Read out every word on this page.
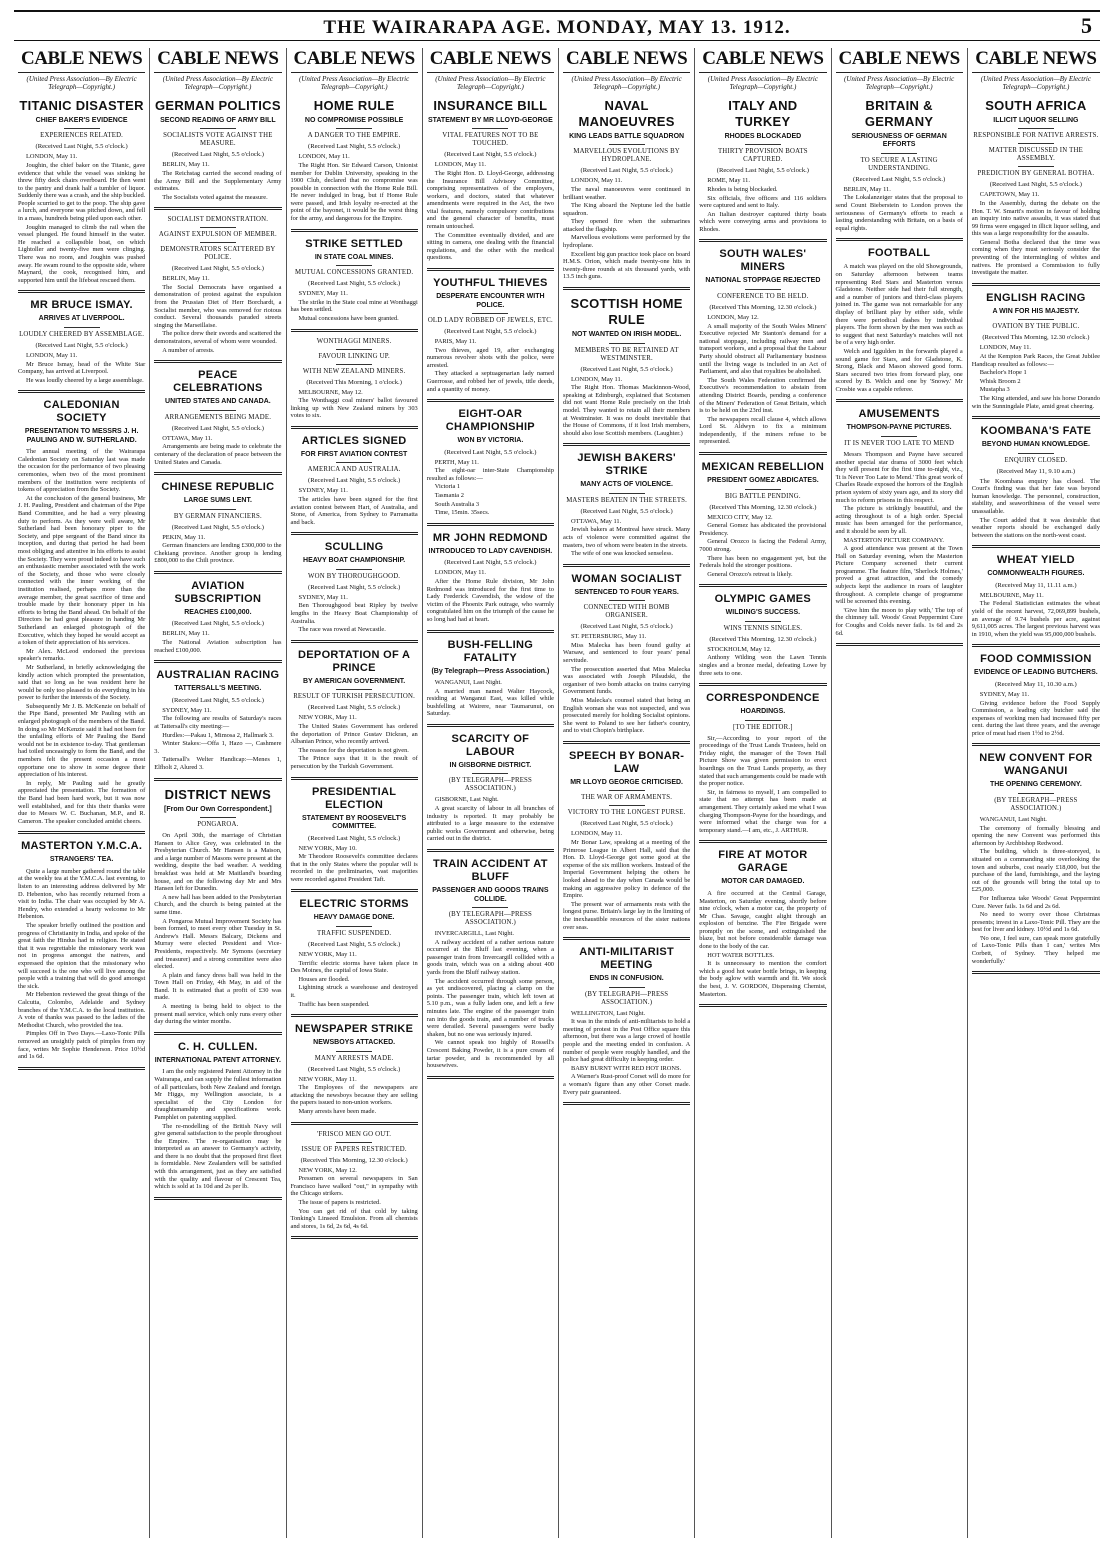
THE WAIRARAPA AGE. MONDAY, MAY 13. 1912.	5
CABLE NEWS
(United Press Association—By Electric Telegraph—Copyright.)
TITANIC DISASTER
CHIEF BAKER'S EVIDENCE
EXPERIENCES RELATED.
(Received Last Night, 5.5 o'clock.)

LONDON, May 11.

Joughin, the chief baker on the Titanic, gave evidence that while the vessel was sinking he threw fifty deck chairs overboard. He then went to the pantry and drank half a tumbler of liquor. Suddenly there was a crash, and the ship buckled. People scurried to get to the poop. The ship gave a lurch, and everyone was pitched down, and fell in a mass, hundreds being piled upon each other.

Joughin managed to climb the rail when the vessel plunged. He found himself in the water. He reached a collapsible boat, on which Lightoller and twenty-five men were clinging. There was no room, and Joughin was pushed away. He swam round to the opposite side, where Maynard, the cook, recognised him, and supported him until the lifeboat rescued them.

MR BRUCE ISMAY.
ARRIVES AT LIVERPOOL.
LOUDLY CHEERED BY ASSEMBLAGE.
(Received Last Night, 5.5 o'clock.)

LONDON, May 11.

Mr Bruce Ismay, head of the White Star Company, has arrived at Liverpool.

He was loudly cheered by a large assemblage.

CALEDONIAN SOCIETY
PRESENTATION TO MESSRS J. H. PAULING AND W. SUTHERLAND.

The annual meeting of the Wairarapa Caledonian Society on Saturday last was made the occasion for the performance of two pleasing ceremonies, when two of the most prominent members of the institution were recipients of tokens of appreciation from the Society.

At the conclusion of the general business, Mr J. H. Pauling, President and chairman of the Pipe Band Committee, and he had a very pleasing duty to perform. As they were well aware, Mr Sutherland had been honorary piper to the Society, and pipe sergeant of the Band since its inception, and during that period he had been most obliging and attentive in his efforts to assist the Society. They were proud indeed to have such an enthusiastic member associated with the work of the Society, and those who were closely connected with the inner working of the institution realised, perhaps more than the average member, the great sacrifice of time and trouble made by their honorary piper in his efforts to bring the Band ahead. On behalf of the Directors he had great pleasure in handing Mr Sutherland an enlarged photograph of the Executive, which they hoped he would accept as a token of their appreciation of his services.

Mr Alex. McLeod endorsed the previous speaker's remarks.

Mr Sutherland, in briefly acknowledging the kindly action which prompted the presentation, said that so long as he was resident here he would be only too pleased to do everything in his power to further the interests of the Society.

Subsequently Mr J. B. McKenzie on behalf of the Pipe Band, presented Mr Pauling with an enlarged photograph of the members of the Band. In doing so Mr McKenzie said it had not been for the unfailing efforts of Mr Pauling the Band would not be in existence to-day. That gentleman had toiled unceasingly to form the Band, and the members felt the present occasion a most opportune one to show in some degree their appreciation of his interest.

In reply, Mr Pauling said he greatly appreciated the presentation. The formation of the Band had been hard work, but it was now well established, and for this their thanks were due to Messrs W. C. Buchanan, M.P., and R. Cameron. The speaker concluded amidst cheers.

MASTERTON Y.M.C.A.
STRANGERS' TEA.

Quite a large number gathered round the table at the weekly tea at the Y.M.C.A. last evening, to listen to an interesting address delivered by Mr D. Hebenton, who has recently returned from a visit to India. The chair was occupied by Mr A. Hendry, who extended a hearty welcome to Mr Hebenton.

The speaker briefly outlined the position and progress of Christianity in India, and spoke of the great faith the Hindus had in religion. He stated that it was regrettable the missionary work was not in progress amongst the natives, and expressed the opinion that the missionary who will succeed is the one who will live among the people with a training that will do good amongst the sick.

Mr Hebenton reviewed the great things of the Calcutta, Colombo, Adelaide and Sydney branches of the Y.M.C.A. to the local institution. A vote of thanks was passed to the ladies of the Methodist Church, who provided the tea.

Pimples Off in Two Days.—Laxo-Tonic Pills removed an unsightly patch of pimples from my face, writes Mr Sophie Henderson. Price 10½d and 1s 6d.

CABLE NEWS
(United Press Association—By Electric Telegraph—Copyright.)
GERMAN POLITICS
SECOND READING OF ARMY BILL
SOCIALISTS VOTE AGAINST THE MEASURE.
(Received Last Night, 5.5 o'clock.)

BERLIN, May 11.

The Reichstag carried the second reading of the Army Bill and the Supplementary Army estimates.

The Socialists voted against the measure.

SOCIALIST DEMONSTRATION.
AGAINST EXPULSION OF MEMBER.
DEMONSTRATORS SCATTERED BY POLICE.
(Received Last Night, 5.5 o'clock.)

BERLIN, May 11.

The Social Democrats have organised a demonstration of protest against the expulsion from the Prussian Diet of Herr Borchardt, a Socialist member, who was removed for riotous conduct. Several thousands paraded streets singing the Marseillaise.

The police drew their swords and scattered the demonstrators, several of whom were wounded.

A number of arrests.

PEACE CELEBRATIONS
UNITED STATES AND CANADA.
ARRANGEMENTS BEING MADE.
(Received Last Night, 5.5 o'clock.)

OTTAWA, May 11.

Arrangements are being made to celebrate the centenary of the declaration of peace between the United States and Canada.

CHINESE REPUBLIC
LARGE SUMS LENT.
BY GERMAN FINANCIERS.
(Received Last Night, 5.5 o'clock.)

PEKIN, May 11.

German financiers are lending £300,000 to the Chekiang province. Another group is lending £800,000 to the Chili province.

AVIATION SUBSCRIPTION
REACHES £100,000.
(Received Last Night, 5.5 o'clock.)

BERLIN, May 11.

The National Aviation subscription has reached £100,000.

AUSTRALIAN RACING
TATTERSALL'S MEETING.
(Received Last Night, 5.5 o'clock.)

SYDNEY, May 11.

The following are results of Saturday's races at Tattersall's city meeting:—

Hurdles:—Pakau 1, Mimosa 2, Hallmark 3.

Winter Stakes:—Offa 1, Hazo —, Cashmere 3.

Tattersall's Welter Handicap:—Menes 1, Elfholt 2, Alured 3.

DISTRICT NEWS
[From Our Own Correspondent.]
PONGAROA.

On April 30th, the marriage of Christian Hansen to Alice Grey, was celebrated in the Presbyterian Church. Mr Hansen is a Maison, and a large number of Masons were present at the wedding, despite the bad weather. A wedding breakfast was held at Mr Maitland's boarding house, and on the following day Mr and Mrs Hansen left for Dunedin.

A new hall has been added to the Presbyterian Church, and the church is being painted at the same time.

A Pongaroa Mutual Improvement Society has been formed, to meet every other Tuesday in St. Andrew's Hall. Messrs Balcary, Dickens and Murray were elected President and Vice-Presidents, respectively. Mr Symons (secretary and treasurer) and a strong committee were also elected.

A plain and fancy dress ball was held in the Town Hall on Friday, 4th May, in aid of the Band. It is estimated that a profit of £30 was made.

A meeting is being held to object to the present mail service, which only runs every other day during the winter months.

C. H. CULLEN.
INTERNATIONAL PATENT ATTORNEY.

I am the only registered Patent Attorney in the Wairarapa, and can supply the fullest information of all particulars, both New Zealand and foreign. Mr Higgs, my Wellington associate, is a specialist of the City London for draughtsmanship and specifications work. Pamphlet on patenting supplied.

The re-modelling of the British Navy will give general satisfaction to the people throughout the Empire. The re-organisation may be interpreted as an answer to Germany's activity, and there is no doubt that the proposed first fleet is formidable. New Zealanders will be satisfied with this arrangement, just as they are satisfied with the quality and flavour of Crescent Tea, which is sold at 1s 10d and 2s per lb.

CABLE NEWS
(United Press Association—By Electric Telegraph—Copyright.)
HOME RULE
NO COMPROMISE POSSIBLE
A DANGER TO THE EMPIRE.
(Received Last Night, 5.5 o'clock.)

LONDON, May 11.

The Right Hon. Sir Edward Carson, Unionist member for Dublin University, speaking in the 1900 Club, declared that no compromise was possible in connection with the Home Rule Bill. He never indulged in brag, but if Home Rule were passed, and Irish loyalty re-erected at the point of the bayonet, it would be the worst thing for the army, and dangerous for the Empire.

STRIKE SETTLED
IN STATE COAL MINES.
MUTUAL CONCESSIONS GRANTED.
(Received Last Night, 5.5 o'clock.)

SYDNEY, May 11.

The strike in the State coal mine at Wonthaggi has been settled.

Mutual concessions have been granted.

WONTHAGGI MINERS.
FAVOUR LINKING UP.
WITH NEW ZEALAND MINERS.
(Received This Morning, 1 o'clock.)

MELBOURNE, May 12.

The Wonthaggi coal miners' ballot favoured linking up with New Zealand miners by 303 votes to six.

ARTICLES SIGNED
FOR FIRST AVIATION CONTEST
AMERICA AND AUSTRALIA.
(Received Last Night, 5.5 o'clock.)

SYDNEY, May 11.

The articles have been signed for the first aviation contest between Hart, of Australia, and Stone, of America, from Sydney to Parramatta and back.

SCULLING
HEAVY BOAT CHAMPIONSHIP.
WON BY THOROUGHGOOD.
(Received Last Night, 5.5 o'clock.)

SYDNEY, May 11.

Ben Thoroughgood beat Ripley by twelve lengths in the Heavy Boat Championship of Australia.

The race was rowed at Newcastle.

DEPORTATION OF A PRINCE
BY AMERICAN GOVERNMENT.
RESULT OF TURKISH PERSECUTION.
(Received Last Night, 5.5 o'clock.)

NEW YORK, May 11.

The United States Government has ordered the deportation of Prince Gustav Dickran, an Albanian Prince, who recently arrived.

The reason for the deportation is not given.

The Prince says that it is the result of persecution by the Turkish Government.

PRESIDENTIAL ELECTION
STATEMENT BY ROOSEVELT'S COMMITTEE.
(Received Last Night, 5.5 o'clock.)

NEW YORK, May 10.

Mr Theodore Roosevelt's committee declares that in the only States where the popular will is recorded in the preliminaries, vast majorities were recorded against President Taft.

ELECTRIC STORMS
HEAVY DAMAGE DONE.
TRAFFIC SUSPENDED.
(Received Last Night, 5.5 o'clock.)

NEW YORK, May 11.

Terrific electric storms have taken place in Des Moines, the capital of Iowa State.

Houses are flooded.

Lightning struck a warehouse and destroyed it.

Traffic has been suspended.

NEWSPAPER STRIKE
NEWSBOYS ATTACKED.
MANY ARRESTS MADE.
(Received Last Night, 5.5 o'clock.)

NEW YORK, May 11.

The Employees of the newspapers are attacking the newsboys because they are selling the papers issued to non-union workers.

Many arrests have been made.

'FRISCO MEN GO OUT.
ISSUE OF PAPERS RESTRICTED.
(Received This Morning, 12.30 o'clock.)

NEW YORK, May 12.

Pressmen on several newspapers in San Francisco have walked "out," in sympathy with the Chicago strikers.

The issue of papers is restricted.

You can get rid of that cold by taking Tonking's Linseed Emulsion. From all chemists and stores, 1s 6d, 2s 6d, 4s 6d.

CABLE NEWS
(United Press Association—By Electric Telegraph—Copyright.)
INSURANCE BILL
STATEMENT BY MR LLOYD-GEORGE
VITAL FEATURES NOT TO BE TOUCHED.
(Received Last Night, 5.5 o'clock.)

LONDON, May 11.

The Right Hon. D. Lloyd-George, addressing the Insurance Bill Advisory Committee, comprising representatives of the employers, workers, and doctors, stated that whatever amendments were required in the Act, the two vital features, namely compulsory contributions and the general character of benefits, must remain untouched.

The Committee eventually divided, and are sitting in camera, one dealing with the financial regulations, and the other with the medical questions.

YOUTHFUL THIEVES
DESPERATE ENCOUNTER WITH POLICE.
OLD LADY ROBBED OF JEWELS, ETC.
(Received Last Night, 5.5 o'clock.)

PARIS, May 11.

Two thieves, aged 19, after exchanging numerous revolver shots with the police, were arrested.

They attacked a septuagenarian lady named Guerrosse, and robbed her of jewels, title deeds, and a quantity of money.

EIGHT-OAR CHAMPIONSHIP
WON BY VICTORIA.
(Received Last Night, 5.5 o'clock.)

PERTH, May 11.

The eight-oar inter-State Championship resulted as follows:—

Victoria 1

Tasmania 2

South Australia 3

Time, 15min. 35secs.

MR JOHN REDMOND
INTRODUCED TO LADY CAVENDISH.
(Received Last Night, 5.5 o'clock.)

LONDON, May 11.

After the Home Rule division, Mr John Redmond was introduced for the first time to Lady Frederick Cavendish, the widow of the victim of the Phoenix Park outrage, who warmly congratulated him on the triumph of the cause he so long had had at heart.

BUSH-FELLING FATALITY
(By Telegraph—Press Association.)

WANGANUI, Last Night.

A married man named Walter Haycock, residing at Wanganui East, was killed while bushfelling at Wairere, near Taumarunui, on Saturday.

SCARCITY OF LABOUR
IN GISBORNE DISTRICT.
(BY TELEGRAPH—PRESS ASSOCIATION.)

GISBORNE, Last Night.

A great scarcity of labour in all branches of industry is reported. It may probably be attributed to a large measure to the extensive public works Government and otherwise, being carried out in the district.

TRAIN ACCIDENT AT BLUFF
PASSENGER AND GOODS TRAINS COLLIDE.
(BY TELEGRAPH—PRESS ASSOCIATION.)

INVERCARGILL, Last Night.

A railway accident of a rather serious nature occurred at the Bluff last evening, when a passenger train from Invercargill collided with a goods train, which was on a siding about 400 yards from the Bluff railway station.

The accident occurred through some person, as yet undiscovered, placing a clamp on the points. The passenger train, which left town at 5.10 p.m., was a fully laden one, and left a few minutes late. The engine of the passenger train ran into the goods train, and a number of trucks were derailed. Several passengers were badly shaken, but no one was seriously injured.

We cannot speak too highly of Rossell's Crescent Baking Powder, it is a pure cream of tartar powder, and is recommended by all housewives.

CABLE NEWS
(United Press Association—By Electric Telegraph—Copyright.)
NAVAL MANOEUVRES
KING LEADS BATTLE SQUADRON
MARVELLOUS EVOLUTIONS BY HYDROPLANE.
(Received Last Night, 5.5 o'clock.)

LONDON, May 11.

The naval manoeuvres were continued in brilliant weather.

The King aboard the Neptune led the battle squadron.

They opened fire when the submarines attacked the flagship.

Marvellous evolutions were performed by the hydroplane.

Excellent big gun practice took place on board H.M.S. Orion, which made twenty-one hits in twenty-three rounds at six thousand yards, with 13.5 inch guns.

SCOTTISH HOME RULE
NOT WANTED ON IRISH MODEL.
MEMBERS TO BE RETAINED AT WESTMINSTER.
(Received Last Night, 5.5 o'clock.)

LONDON, May 11.

The Right Hon. Thomas Mackinnon-Wood, speaking at Edinburgh, explained that Scotsmen did not want Home Rule precisely on the Irish model. They wanted to retain all their members at Westminster. It was no doubt inevitable that the House of Commons, if it lost Irish members, should also lose Scottish members. (Laughter.)

JEWISH BAKERS' STRIKE
MANY ACTS OF VIOLENCE.
MASTERS BEATEN IN THE STREETS.
(Received Last Night, 5.5 o'clock.)

OTTAWA, May 11.

Jewish bakers at Montreal have struck. Many acts of violence were committed against the masters, two of whom were beaten in the streets.

The wife of one was knocked senseless.

WOMAN SOCIALIST
SENTENCED TO FOUR YEARS.
CONNECTED WITH BOMB ORGANISER.
(Received Last Night, 5.5 o'clock.)

ST. PETERSBURG, May 11.

Miss Malecka has been found guilty at Warsaw, and sentenced to four years' penal servitude.

The prosecution asserted that Miss Malecka was associated with Joseph Pilsudski, the organiser of two bomb attacks on trains carrying Government funds.

Miss Malecka's counsel stated that being an English woman she was not suspected, and was prosecuted merely for holding Socialist opinions. She went to Poland to see her father's country, and to visit Chopin's birthplace.

SPEECH BY BONAR-LAW
MR LLOYD GEORGE CRITICISED.
THE WAR OF ARMAMENTS.
VICTORY TO THE LONGEST PURSE.
(Received Last Night, 5.5 o'clock.)

LONDON, May 11.

Mr Bonar Law, speaking at a meeting of the Primrose League in Albert Hall, said that the Hon. D. Lloyd-George got some good at the expense of the six million workers. Instead of the Imperial Government helping the others he looked ahead to the day when Canada would be making an aggressive policy in defence of the Empire.

The present war of armaments rests with the longest purse. Britain's large lay in the limiting of the inexhaustible resources of the sister nations over seas.

ANTI-MILITARIST MEETING
ENDS IN CONFUSION.
(BY TELEGRAPH—PRESS ASSOCIATION.)

WELLINGTON, Last Night.

It was in the minds of anti-militarists to hold a meeting of protest in the Post Office square this afternoon, but there was a large crowd of hostile people and the meeting ended in confusion. A number of people were roughly handled, and the police had great difficulty in keeping order.

BABY BURNT WITH RED HOT IRONS.

A Warner's Rust-proof Corset will do more for a woman's figure than any other Corset made. Every pair guaranteed.

CABLE NEWS
(United Press Association—By Electric Telegraph—Copyright.)
ITALY AND TURKEY
RHODES BLOCKADED
THIRTY PROVISION BOATS CAPTURED.
(Received Last Night, 5.5 o'clock.)

ROME, May 11.

Rhodes is being blockaded.

Six officials, five officers and 116 soldiers were captured and sent to Italy.

An Italian destroyer captured thirty boats which were conveying arms and provisions to Rhodes.

SOUTH WALES' MINERS
NATIONAL STOPPAGE REJECTED
CONFERENCE TO BE HELD.
(Received This Morning, 12.30 o'clock.)

LONDON, May 12.

A small majority of the South Wales Miners' Executive rejected Mr Stanton's demand for a national stoppage, including railway men and transport workers, and a proposal that the Labour Party should obstruct all Parliamentary business until the living wage is included in an Act of Parliament, and also that royalties be abolished.

The South Wales Federation confirmed the Executive's recommendation to abstain from attending District Boards, pending a conference of the Miners' Federation of Great Britain, which is to be held on the 23rd inst.

The newspapers recall clause 4, which allows Lord St. Aldwyn to fix a minimum independently, if the miners refuse to be represented.

MEXICAN REBELLION
PRESIDENT GOMEZ ABDICATES.
BIG BATTLE PENDING.
(Received This Morning, 12.30 o'clock.)

MEXICO CITY, May 12.

General Gomez has abdicated the provisional Presidency.

General Orozco is facing the Federal Army, 7000 strong.

There has been no engagement yet, but the Federals hold the stronger positions.

General Orozco's retreat is likely.

OLYMPIC GAMES
WILDING'S SUCCESS.
WINS TENNIS SINGLES.
(Received This Morning, 12.30 o'clock.)

STOCKHOLM, May 12.

Anthony Wilding won the Lawn Tennis singles and a bronze medal, defeating Lowe by three sets to one.

CORRESPONDENCE
HOARDINGS.
[TO THE EDITOR.]

Sir,—According to your report of the proceedings of the Trust Lands Trustees, held on Friday night, the manager of the Town Hall Picture Show was given permission to erect hoardings on the Trust Lands property, as they stated that such arrangements could be made with the proper notice.

Sir, in fairness to myself, I am compelled to state that no attempt has been made at arrangement. They certainly asked me what I was charging Thompson-Payne for the hoardings, and were informed what the charge was for a temporary stand.—I am, etc., J. ARTHUR.

FIRE AT MOTOR GARAGE
MOTOR CAR DAMAGED.

A fire occurred at the Central Garage, Masterton, on Saturday evening, shortly before nine o'clock, when a motor car, the property of Mr Chas. Savage, caught alight through an explosion of benzine. The Fire Brigade were promptly on the scene, and extinguished the blaze, but not before considerable damage was done to the body of the car.

HOT WATER BOTTLES.

It is unnecessary to mention the comfort which a good hot water bottle brings, in keeping the body aglow with warmth and fit. We stock the best, J. V. GORDON, Dispensing Chemist, Masterton.

CABLE NEWS
(United Press Association—By Electric Telegraph—Copyright.)
BRITAIN & GERMANY
SERIOUSNESS OF GERMAN EFFORTS
TO SECURE A LASTING UNDERSTANDING.
(Received Last Night, 5.5 o'clock.)

BERLIN, May 11.

The Lokalanzeiger states that the proposal to send Count Bieberstein to London proves the seriousness of Germany's efforts to reach a lasting understanding with Britain, on a basis of equal rights.

FOOTBALL

A match was played on the old Showgrounds, on Saturday afternoon between teams representing Red Stars and Masterton versus Gladstone. Neither side had their full strength, and a number of juniors and third-class players joined in. The game was not remarkable for any display of brilliant play by either side, while there were periodical dashes by individual players. The form shown by the men was such as to suggest that next Saturday's matches will not be of a very high order.

Welch and Iggulden in the forwards played a sound game for Stars, and for Gladstone, K. Strong, Black and Mason showed good form. Stars secured two tries from forward play, one scored by B. Welch and one by 'Snowy.' Mr Crosbie was a capable referee.

AMUSEMENTS
THOMPSON-PAYNE PICTURES.
IT IS NEVER TOO LATE TO MEND

Messrs Thompson and Payne have secured another special star drama of 3000 feet which they will present for the first time to-night, viz., 'It is Never Too Late to Mend.' This great work of Charles Reade exposed the horrors of the English prison system of sixty years ago, and its story did much to reform prisons in this respect.

The picture is strikingly beautiful, and the acting throughout is of a high order. Special music has been arranged for the performance, and it should be seen by all.

MASTERTON PICTURE COMPANY.

A good attendance was present at the Town Hall on Saturday evening, when the Masterton Picture Company screened their current programme. The feature film, 'Sherlock Holmes,' proved a great attraction, and the comedy subjects kept the audience in roars of laughter throughout. A complete change of programme will be screened this evening.

'Give him the moon to play with,' The top of the chimney tall. Woods' Great Peppermint Cure for Coughs and Colds never fails. 1s 6d and 2s 6d.

CABLE NEWS
(United Press Association—By Electric Telegraph—Copyright.)
SOUTH AFRICA
ILLICIT LIQUOR SELLING
RESPONSIBLE FOR NATIVE ARRESTS.
MATTER DISCUSSED IN THE ASSEMBLY.
PREDICTION BY GENERAL BOTHA.
(Received Last Night, 5.5 o'clock.)

CAPETOWN, May 11.

In the Assembly, during the debate on the Hon. T. W. Smartt's motion in favour of holding an inquiry into native assaults, it was stated that 99 firms were engaged in illicit liquor selling, and this was a large responsibility for the assaults.

General Botha declared that the time was coming when they must seriously consider the preventing of the intermingling of whites and natives. He promised a Commission to fully investigate the matter.

ENGLISH RACING
A WIN FOR HIS MAJESTY.
OVATION BY THE PUBLIC.
(Received This Morning, 12.30 o'clock.)

LONDON, May 11.

At the Kempton Park Races, the Great Jubilee Handicap resulted as follows:—

Bachelor's Hope 1

Whisk Broom 2

Mustapha 3

The King attended, and saw his horse Dorando win the Sunningdale Plate, amid great cheering.

KOOMBANA'S FATE
BEYOND HUMAN KNOWLEDGE.
ENQUIRY CLOSED.
(Received May 11, 9.10 a.m.)

The Koombana enquiry has closed. The Court's finding was that her fate was beyond human knowledge. The personnel, construction, stability, and seaworthiness of the vessel were unassailable.

The Court added that it was desirable that weather reports should be exchanged daily between the stations on the north-west coast.

WHEAT YIELD
COMMONWEALTH FIGURES.
(Received May 11, 11.11 a.m.)

MELBOURNE, May 11.

The Federal Statistician estimates the wheat yield of the recent harvest, 72,069,899 bushels, an average of 9.74 bushels per acre, against 9,611,005 acres. The largest previous harvest was in 1910, when the yield was 95,000,000 bushels.

FOOD COMMISSION
EVIDENCE OF LEADING BUTCHERS.
(Received May 11, 10.30 a.m.)

SYDNEY, May 11.

Giving evidence before the Food Supply Commission, a leading city butcher said the expenses of working men had increased fifty per cent. during the last three years, and the average price of meat had risen 1½d to 2½d.

NEW CONVENT FOR WANGANUI
THE OPENING CEREMONY.
(BY TELEGRAPH—PRESS ASSOCIATION.)

WANGANUI, Last Night.

The ceremony of formally blessing and opening the new Convent was performed this afternoon by Archbishop Redwood.

The building, which is three-storeyed, is situated on a commanding site overlooking the town and suburbs, cost nearly £18,000, but the purchase of the land, furnishings, and the laying out of the grounds will bring the total up to £25,000.

For Influenza take Woods' Great Peppermint Cure. Never fails. 1s 6d and 2s 6d.

No need to worry over those Christmas presents; invest in a Laxo-Tonic Pill. They are the best for liver and kidney. 10½d and 1s 6d.

'No one, I feel sure, can speak more gratefully of Laxo-Tonic Pills than I can,' writes Mrs Corbett, of Sydney. 'They helped me wonderfully.'
